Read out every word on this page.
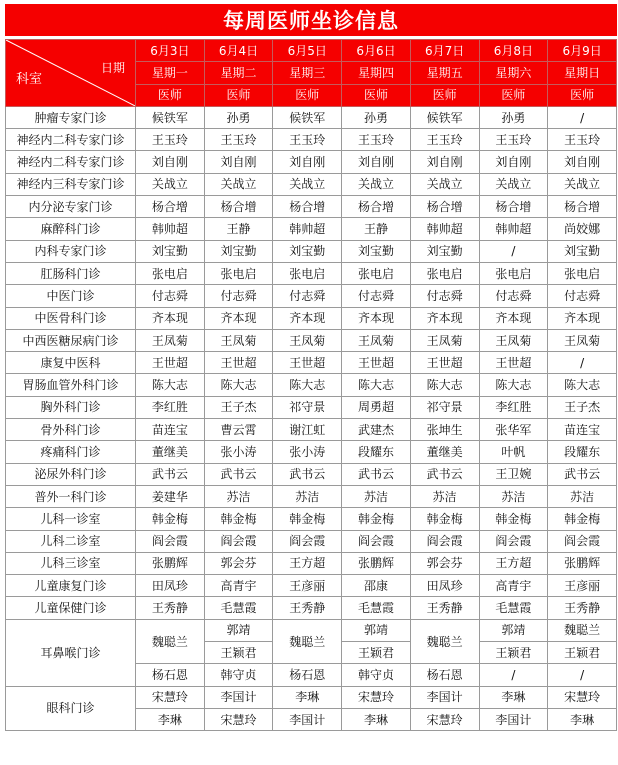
每周医师坐诊信息
科室
日期	6月3日	6月4日	6月5日	6月6日	6月7日	6月8日	6月9日
	星期一	星期二	星期三	星期四	星期五	星期六	星期日
	医师	医师	医师	医师	医师	医师	医师
肿瘤专家门诊	候铁军	孙勇	候铁军	孙勇	候铁军	孙勇	/
神经内二科专家门诊	王玉玲	王玉玲	王玉玲	王玉玲	王玉玲	王玉玲	王玉玲
神经内二科专家门诊	刘自刚	刘自刚	刘自刚	刘自刚	刘自刚	刘自刚	刘自刚
神经内三科专家门诊	关战立	关战立	关战立	关战立	关战立	关战立	关战立
内分泌专家门诊	杨合增	杨合增	杨合增	杨合增	杨合增	杨合增	杨合增
麻醉科门诊	韩帅超	王静	韩帅超	王静	韩帅超	韩帅超	尚姣娜
内科专家门诊	刘宝勤	刘宝勤	刘宝勤	刘宝勤	刘宝勤	/	刘宝勤
肛肠科门诊	张电启	张电启	张电启	张电启	张电启	张电启	张电启
中医门诊	付志舜	付志舜	付志舜	付志舜	付志舜	付志舜	付志舜
中医骨科门诊	齐本现	齐本现	齐本现	齐本现	齐本现	齐本现	齐本现
中西医糖尿病门诊	王凤菊	王凤菊	王凤菊	王凤菊	王凤菊	王凤菊	王凤菊
康复中医科	王世超	王世超	王世超	王世超	王世超	王世超	/
胃肠血管外科门诊	陈大志	陈大志	陈大志	陈大志	陈大志	陈大志	陈大志
胸外科门诊	李红胜	王子杰	祁守景	周勇超	祁守景	李红胜	王子杰
骨外科门诊	苗连宝	曹云霄	谢江虹	武建杰	张坤生	张华军	苗连宝
疼痛科门诊	董继美	张小涛	张小涛	段耀东	董继美	叶帆	段耀东
泌尿外科门诊	武书云	武书云	武书云	武书云	武书云	王卫婉	武书云
普外一科门诊	姜建华	苏洁	苏洁	苏洁	苏洁	苏洁	苏洁
儿科一诊室	韩金梅	韩金梅	韩金梅	韩金梅	韩金梅	韩金梅	韩金梅
儿科二诊室	阎会霞	阎会霞	阎会霞	阎会霞	阎会霞	阎会霞	阎会霞
儿科三诊室	张鹏辉	郭会芬	王方超	张鹏辉	郭会芬	王方超	张鹏辉
儿童康复门诊	田凤珍	高青宇	王彦丽	邵康	田凤珍	高青宇	王彦丽
儿童保健门诊	王秀静	毛慧霞	王秀静	毛慧霞	王秀静	毛慧霞	王秀静
耳鼻喉门诊	魏聪兰	郭靖	魏聪兰	郭靖	魏聪兰	郭靖	魏聪兰
		王颖君		王颖君		王颖君	王颖君
	杨石恩	韩守贞	杨石恩	韩守贞	杨石恩	/	/
眼科门诊	宋慧玲	李国计	李琳	宋慧玲	李国计	李琳	宋慧玲
	李琳	宋慧玲	李国计	李琳	宋慧玲	李国计	李琳
